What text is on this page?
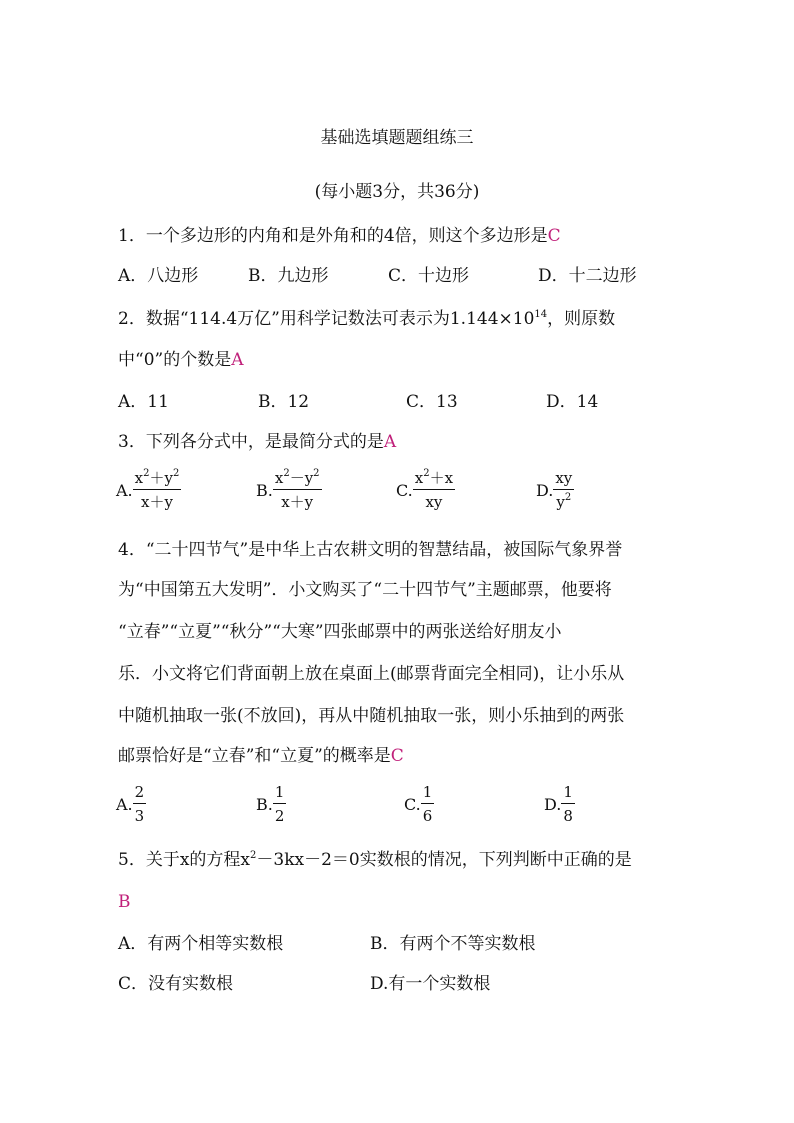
基础选填题题组练三
(每小题3分，共36分)
1．一个多边形的内角和是外角和的4倍，则这个多边形是C
A．八边形	B．九边形	C．十边形	D．十二边形
2．数据“114.4万亿”用科学记数法可表示为$1.144\times 10^{14}$，则原数
中“0”的个数是A
A．11	B．12	C．13	D．14
3．下列各分式中，是最简分式的是A
A. $\frac{x^2+y^2}{x+y}$	B. $\frac{x^2-y^2}{x+y}$	C. $\frac{x^2+x}{xy}$	D. $\frac{xy}{y^2}$
4．“二十四节气”是中华上古农耕文明的智慧结晶，被国际气象界誉
为“中国第五大发明”．小文购买了“二十四节气”主题邮票，他要将
“立春”“立夏”“秋分”“大寒”四张邮票中的两张送给好朋友小
乐．小文将它们背面朝上放在桌面上(邮票背面完全相同)，让小乐从
中随机抽取一张(不放回)，再从中随机抽取一张，则小乐抽到的两张
邮票恰好是“立春”和“立夏”的概率是C
A. $\frac{2}{3}$	B. $\frac{1}{2}$	C. $\frac{1}{6}$	D. $\frac{1}{8}$
5．关于x的方程$x^2-3kx-2=0$实数根的情况，下列判断中正确的是
B
A．有两个相等实数根	B．有两个不等实数根
C．没有实数根	D.有一个实数根
